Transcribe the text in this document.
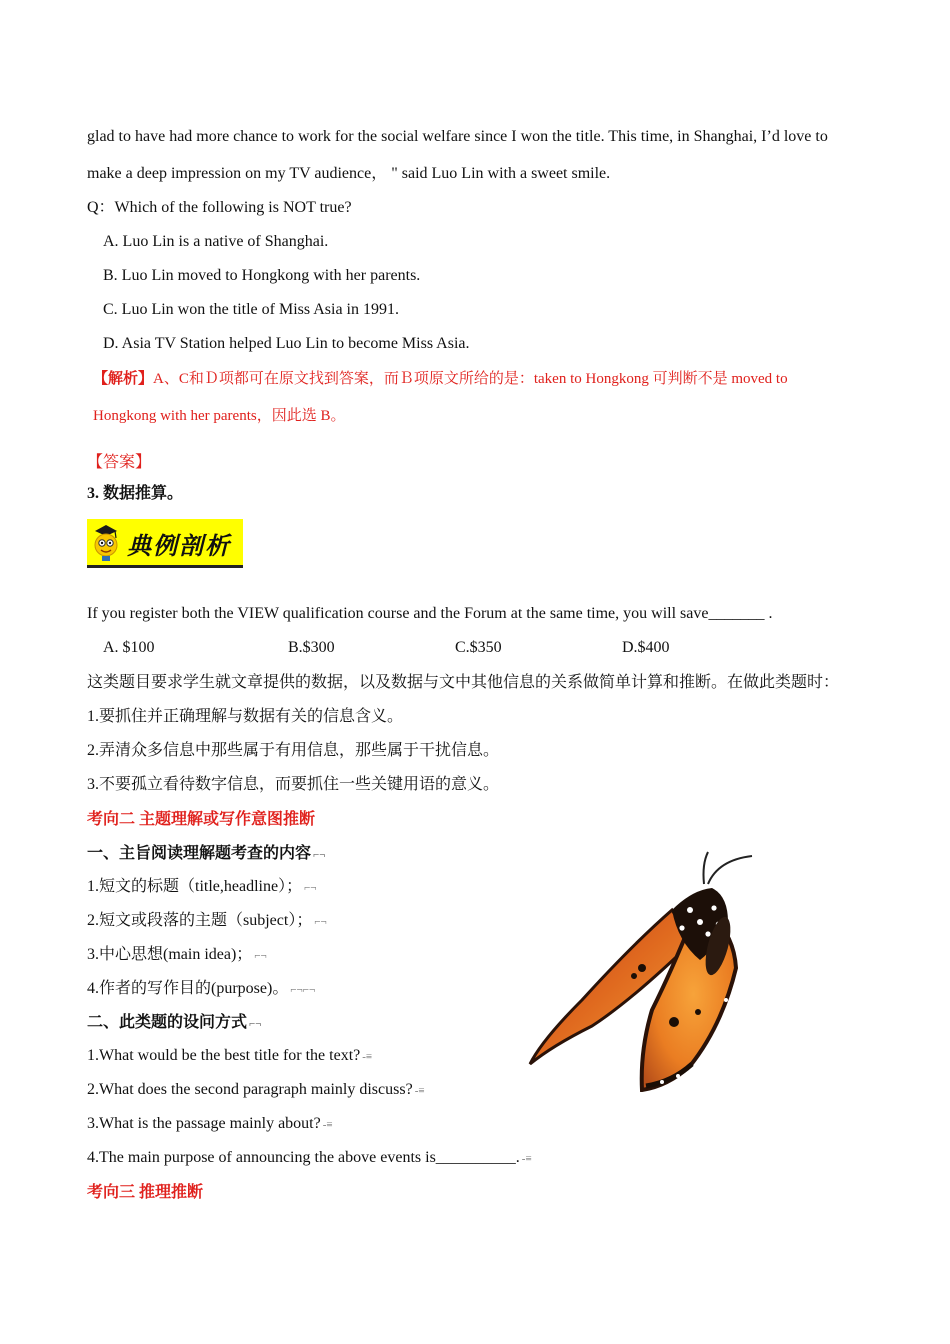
glad to have had more chance to work for the social welfare since I won the title. This time, in Shanghai, I’d love to
make a deep impression on my TV audience， " said Luo Lin with a sweet smile.
Q：Which of the following is NOT true?
A. Luo Lin is a native of Shanghai.
B. Luo Lin moved to Hongkong with her parents.
C. Luo Lin won the title of Miss Asia in 1991.
D. Asia TV Station helped Luo Lin to become Miss Asia.
【解析】A、C和Ｄ项都可在原文找到答案，而Ｂ项原文所给的是：taken to Hongkong 可判断不是 moved to
Hongkong with her parents，因此选 B。
【答案】
3. 数据推算。
典例剖析
If you register both the VIEW qualification course and the Forum at the same time, you will save_______ .
A. $100	B.$300	C.$350	D.$400
这类题目要求学生就文章提供的数据，以及数据与文中其他信息的关系做简单计算和推断。在做此类题时：
1.要抓住并正确理解与数据有关的信息含义。
2.弄清众多信息中那些属于有用信息，那些属于干扰信息。
3.不要孤立看待数字信息，而要抓住一些关键用语的意义。
考向二 主题理解或写作意图推断
一、主旨阅读理解题考查的内容 ⌐¬
1.短文的标题（title,headline）； ⌐¬
2.短文或段落的主题（subject）； ⌐¬
3.中心思想(main idea)； ⌐¬
4.作者的写作目的(purpose)。 ⌐¬⌐¬
二、此类题的设问方式 ⌐¬
1.What would be the best title for the text? -≡
2.What does the second paragraph mainly discuss? -≡
3.What is the passage mainly about? -≡
4.The main purpose of announcing the above events is__________. -≡
考向三 推理推断
